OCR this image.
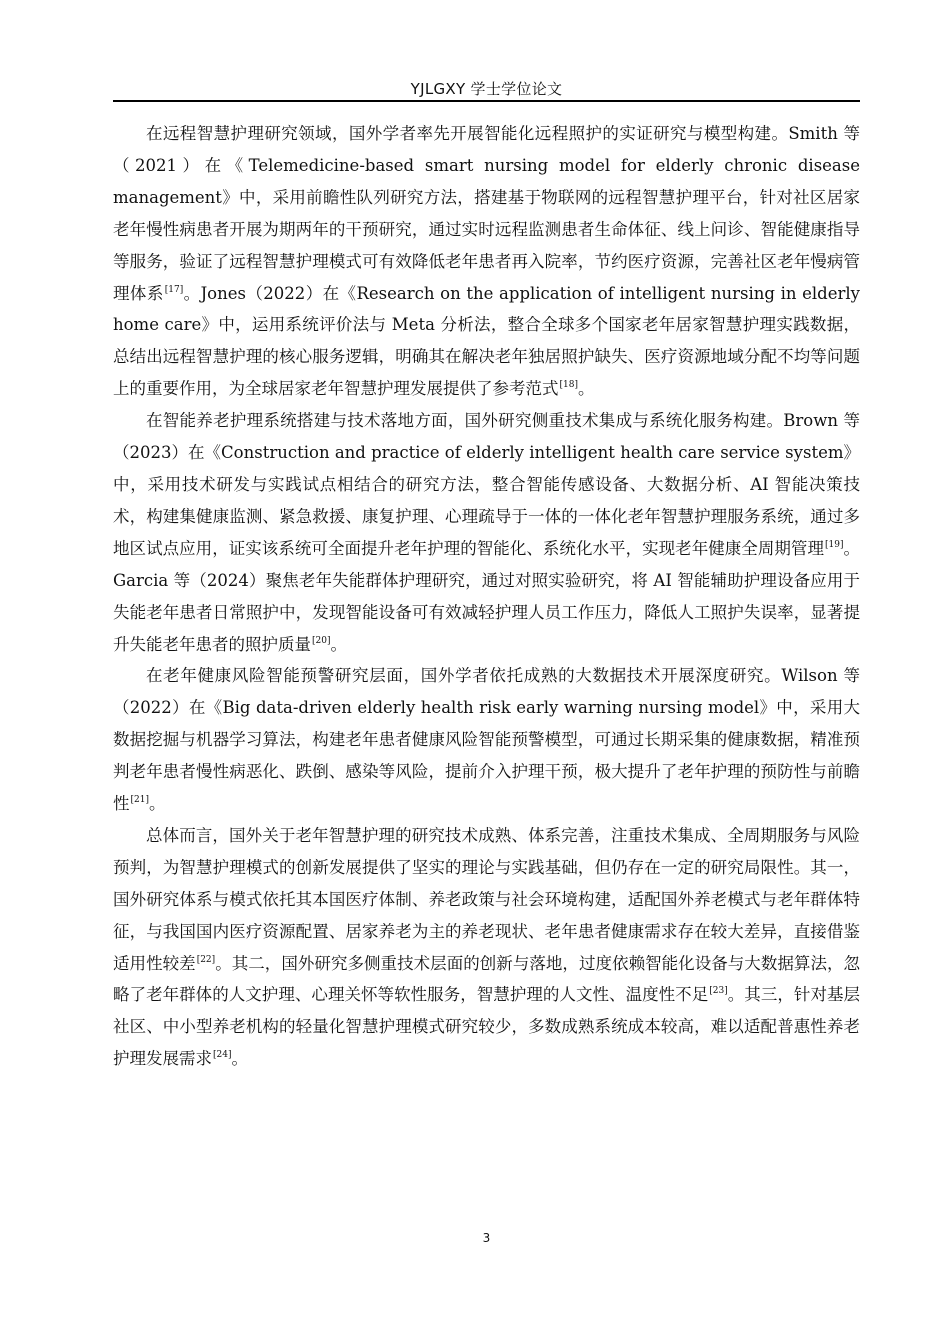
YJLGXY 学士学位论文

在远程智慧护理研究领域，国外学者率先开展智能化远程照护的实证研究与模型构建。Smith 等（2021）在《Telemedicine-based smart nursing model for elderly chronic disease management》中，采用前瞻性队列研究方法，搭建基于物联网的远程智慧护理平台，针对社区居家老年慢性病患者开展为期两年的干预研究，通过实时远程监测患者生命体征、线上问诊、智能健康指导等服务，验证了远程智慧护理模式可有效降低老年患者再入院率，节约医疗资源，完善社区老年慢病管理体系[17]。Jones（2022）在《Research on the application of intelligent nursing in elderly home care》中，运用系统评价法与 Meta 分析法，整合全球多个国家老年居家智慧护理实践数据，总结出远程智慧护理的核心服务逻辑，明确其在解决老年独居照护缺失、医疗资源地域分配不均等问题上的重要作用，为全球居家老年智慧护理发展提供了参考范式[18]。

在智能养老护理系统搭建与技术落地方面，国外研究侧重技术集成与系统化服务构建。Brown 等（2023）在《Construction and practice of elderly intelligent health care service system》中，采用技术研发与实践试点相结合的研究方法，整合智能传感设备、大数据分析、AI 智能决策技术，构建集健康监测、紧急救援、康复护理、心理疏导于一体的一体化老年智慧护理服务系统，通过多地区试点应用，证实该系统可全面提升老年护理的智能化、系统化水平，实现老年健康全周期管理[19]。Garcia 等（2024）聚焦老年失能群体护理研究，通过对照实验研究，将 AI 智能辅助护理设备应用于失能老年患者日常照护中，发现智能设备可有效减轻护理人员工作压力，降低人工照护失误率，显著提升失能老年患者的照护质量[20]。

在老年健康风险智能预警研究层面，国外学者依托成熟的大数据技术开展深度研究。Wilson 等（2022）在《Big data-driven elderly health risk early warning nursing model》中，采用大数据挖掘与机器学习算法，构建老年患者健康风险智能预警模型，可通过长期采集的健康数据，精准预判老年患者慢性病恶化、跌倒、感染等风险，提前介入护理干预，极大提升了老年护理的预防性与前瞻性[21]。

总体而言，国外关于老年智慧护理的研究技术成熟、体系完善，注重技术集成、全周期服务与风险预判，为智慧护理模式的创新发展提供了坚实的理论与实践基础，但仍存在一定的研究局限性。其一，国外研究体系与模式依托其本国医疗体制、养老政策与社会环境构建，适配国外养老模式与老年群体特征，与我国国内医疗资源配置、居家养老为主的养老现状、老年患者健康需求存在较大差异，直接借鉴适用性较差[22]。其二，国外研究多侧重技术层面的创新与落地，过度依赖智能化设备与大数据算法，忽略了老年群体的人文护理、心理关怀等软性服务，智慧护理的人文性、温度性不足[23]。其三，针对基层社区、中小型养老机构的轻量化智慧护理模式研究较少，多数成熟系统成本较高，难以适配普惠性养老护理发展需求[24]。

3
